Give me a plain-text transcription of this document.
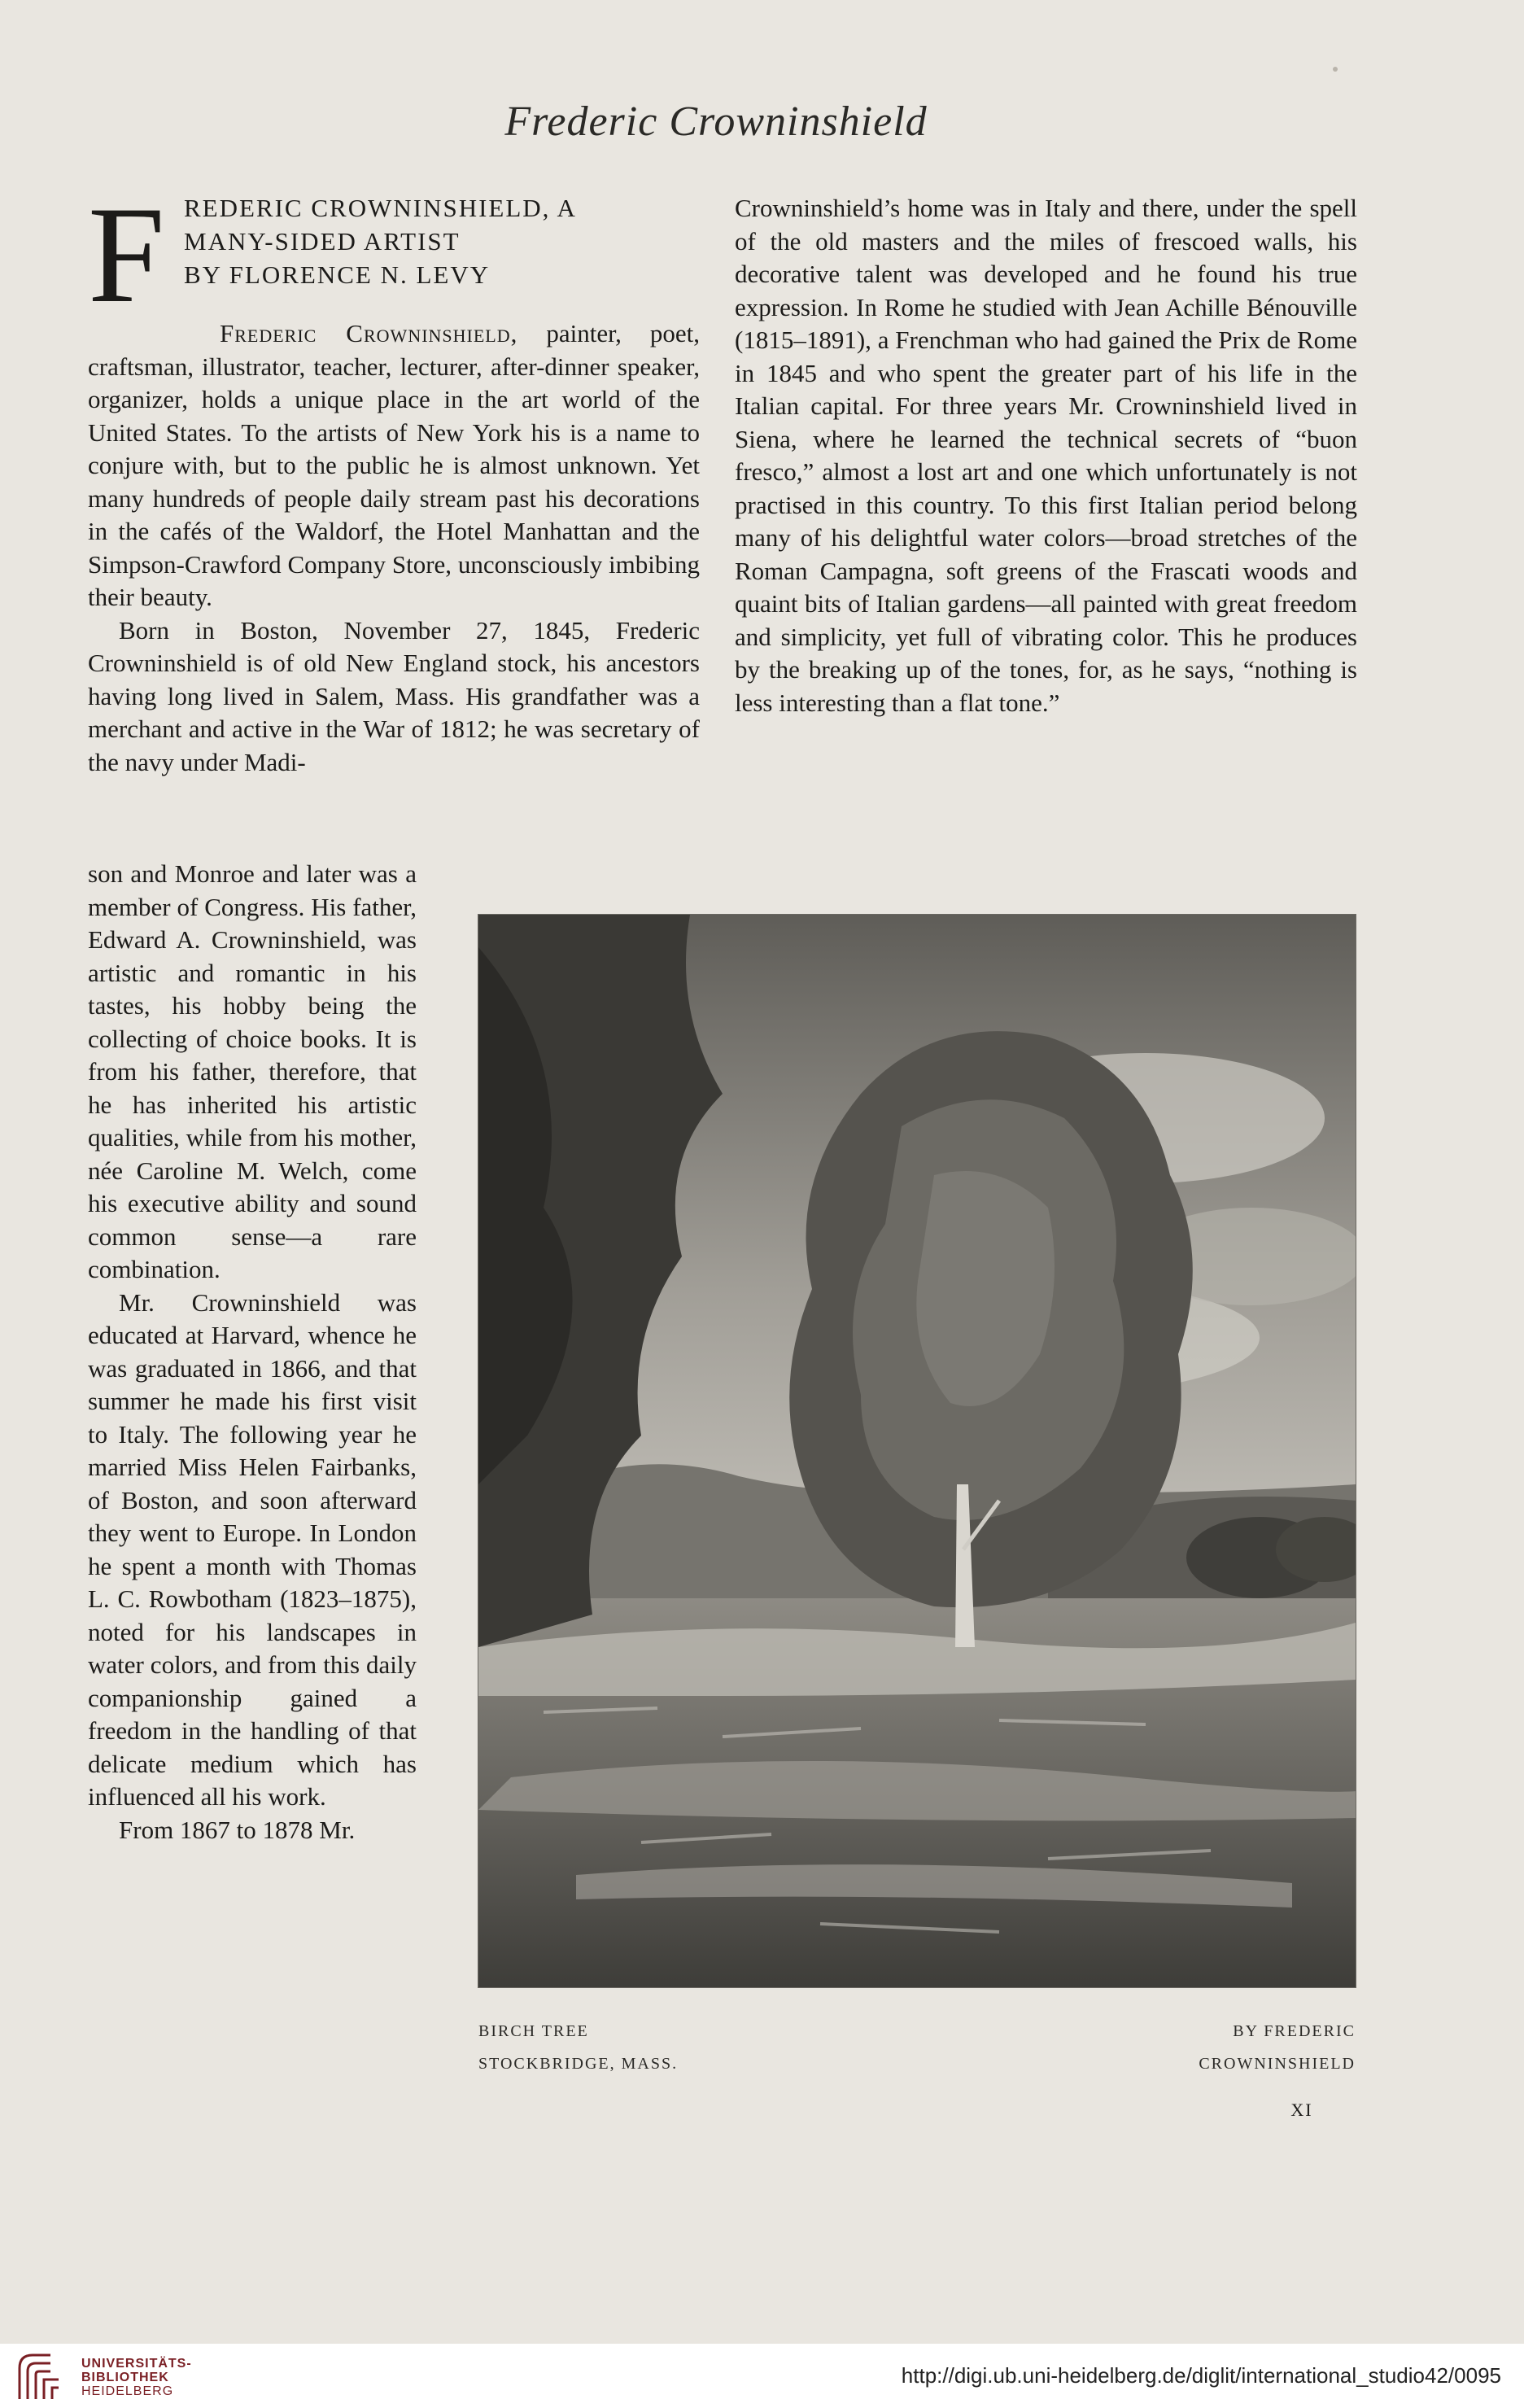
Frederic Crowninshield
F REDERIC CROWNINSHIELD, A
MANY-SIDED ARTIST
BY FLORENCE N. LEVY

Frederic Crowninshield, painter, poet, craftsman, illustrator, teacher, lecturer, after-dinner speaker, organizer, holds a unique place in the art world of the United States. To the artists of New York his is a name to conjure with, but to the public he is almost unknown. Yet many hundreds of people daily stream past his decorations in the cafés of the Waldorf, the Hotel Manhattan and the Simpson-Crawford Company Store, unconsciously imbibing their beauty.

Born in Boston, November 27, 1845, Frederic Crowninshield is of old New England stock, his ancestors having long lived in Salem, Mass. His grandfather was a merchant and active in the War of 1812; he was secretary of the navy under Madi-

son and Monroe and later was a member of Congress. His father, Edward A. Crowninshield, was artistic and romantic in his tastes, his hobby being the collecting of choice books. It is from his father, therefore, that he has inherited his artistic qualities, while from his mother, née Caroline M. Welch, come his executive ability and sound common sense—a rare combination.

Mr. Crowninshield was educated at Harvard, whence he was graduated in 1866, and that summer he made his first visit to Italy. The following year he married Miss Helen Fairbanks, of Boston, and soon afterward they went to Europe. In London he spent a month with Thomas L. C. Rowbotham (1823–1875), noted for his landscapes in water colors, and from this daily companionship gained a freedom in the handling of that delicate medium which has influenced all his work.

From 1867 to 1878 Mr.

Crowninshield’s home was in Italy and there, under the spell of the old masters and the miles of frescoed walls, his decorative talent was developed and he found his true expression. In Rome he studied with Jean Achille Bénouville (1815–1891), a Frenchman who had gained the Prix de Rome in 1845 and who spent the greater part of his life in the Italian capital. For three years Mr. Crowninshield lived in Siena, where he learned the technical secrets of “buon fresco,” almost a lost art and one which unfortunately is not practised in this country. To this first Italian period belong many of his delightful water colors—broad stretches of the Roman Campagna, soft greens of the Frascati woods and quaint bits of Italian gardens—all painted with great freedom and simplicity, yet full of vibrating color. This he produces by the breaking up of the tones, for, as he says, “nothing is less interesting than a flat tone.”

BIRCH TREE
STOCKBRIDGE, MASS.
BY FREDERIC
CROWNINSHIELD
XI
UNIVERSITÄTS-
BIBLIOTHEK
HEIDELBERG
http://digi.ub.uni-heidelberg.de/diglit/international_studio42/0095
